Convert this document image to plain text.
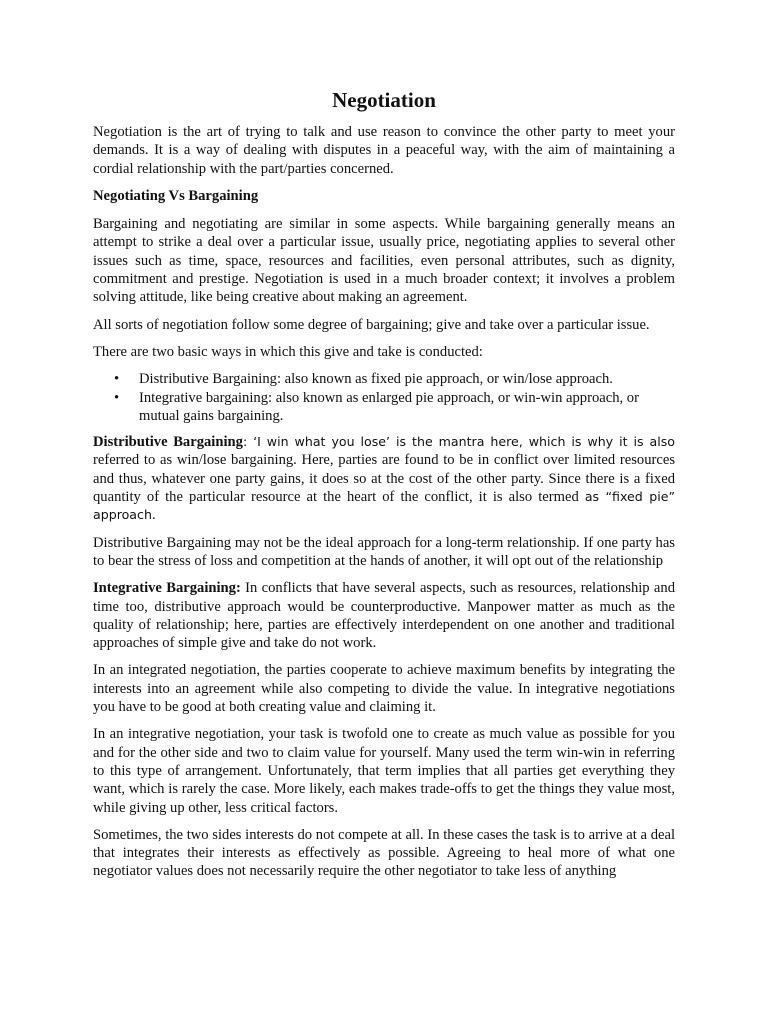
Negotiation

Negotiation is the art of trying to talk and use reason to convince the other party to meet your demands. It is a way of dealing with disputes in a peaceful way, with the aim of maintaining a cordial relationship with the part/parties concerned.

Negotiating Vs Bargaining

Bargaining and negotiating are similar in some aspects. While bargaining generally means an attempt to strike a deal over a particular issue, usually price, negotiating applies to several other issues such as time, space, resources and facilities, even personal attributes, such as dignity, commitment and prestige. Negotiation is used in a much broader context; it involves a problem solving attitude, like being creative about making an agreement.

All sorts of negotiation follow some degree of bargaining; give and take over a particular issue.

There are two basic ways in which this give and take is conducted:

• Distributive Bargaining: also known as fixed pie approach, or win/lose approach.
• Integrative bargaining: also known as enlarged pie approach, or win-win approach, or mutual gains bargaining.

Distributive Bargaining: ‘I win what you lose’ is the mantra here, which is why it is also referred to as win/lose bargaining. Here, parties are found to be in conflict over limited resources and thus, whatever one party gains, it does so at the cost of the other party. Since there is a fixed quantity of the particular resource at the heart of the conflict, it is also termed as “fixed pie” approach.

Distributive Bargaining may not be the ideal approach for a long-term relationship. If one party has to bear the stress of loss and competition at the hands of another, it will opt out of the relationship

Integrative Bargaining: In conflicts that have several aspects, such as resources, relationship and time too, distributive approach would be counterproductive. Manpower matter as much as the quality of relationship; here, parties are effectively interdependent on one another and traditional approaches of simple give and take do not work.

In an integrated negotiation, the parties cooperate to achieve maximum benefits by integrating the interests into an agreement while also competing to divide the value. In integrative negotiations you have to be good at both creating value and claiming it.

In an integrative negotiation, your task is twofold one to create as much value as possible for you and for the other side and two to claim value for yourself. Many used the term win-win in referring to this type of arrangement. Unfortunately, that term implies that all parties get everything they want, which is rarely the case. More likely, each makes trade-offs to get the things they value most, while giving up other, less critical factors.

Sometimes, the two sides interests do not compete at all. In these cases the task is to arrive at a deal that integrates their interests as effectively as possible. Agreeing to heal more of what one negotiator values does not necessarily require the other negotiator to take less of anything
